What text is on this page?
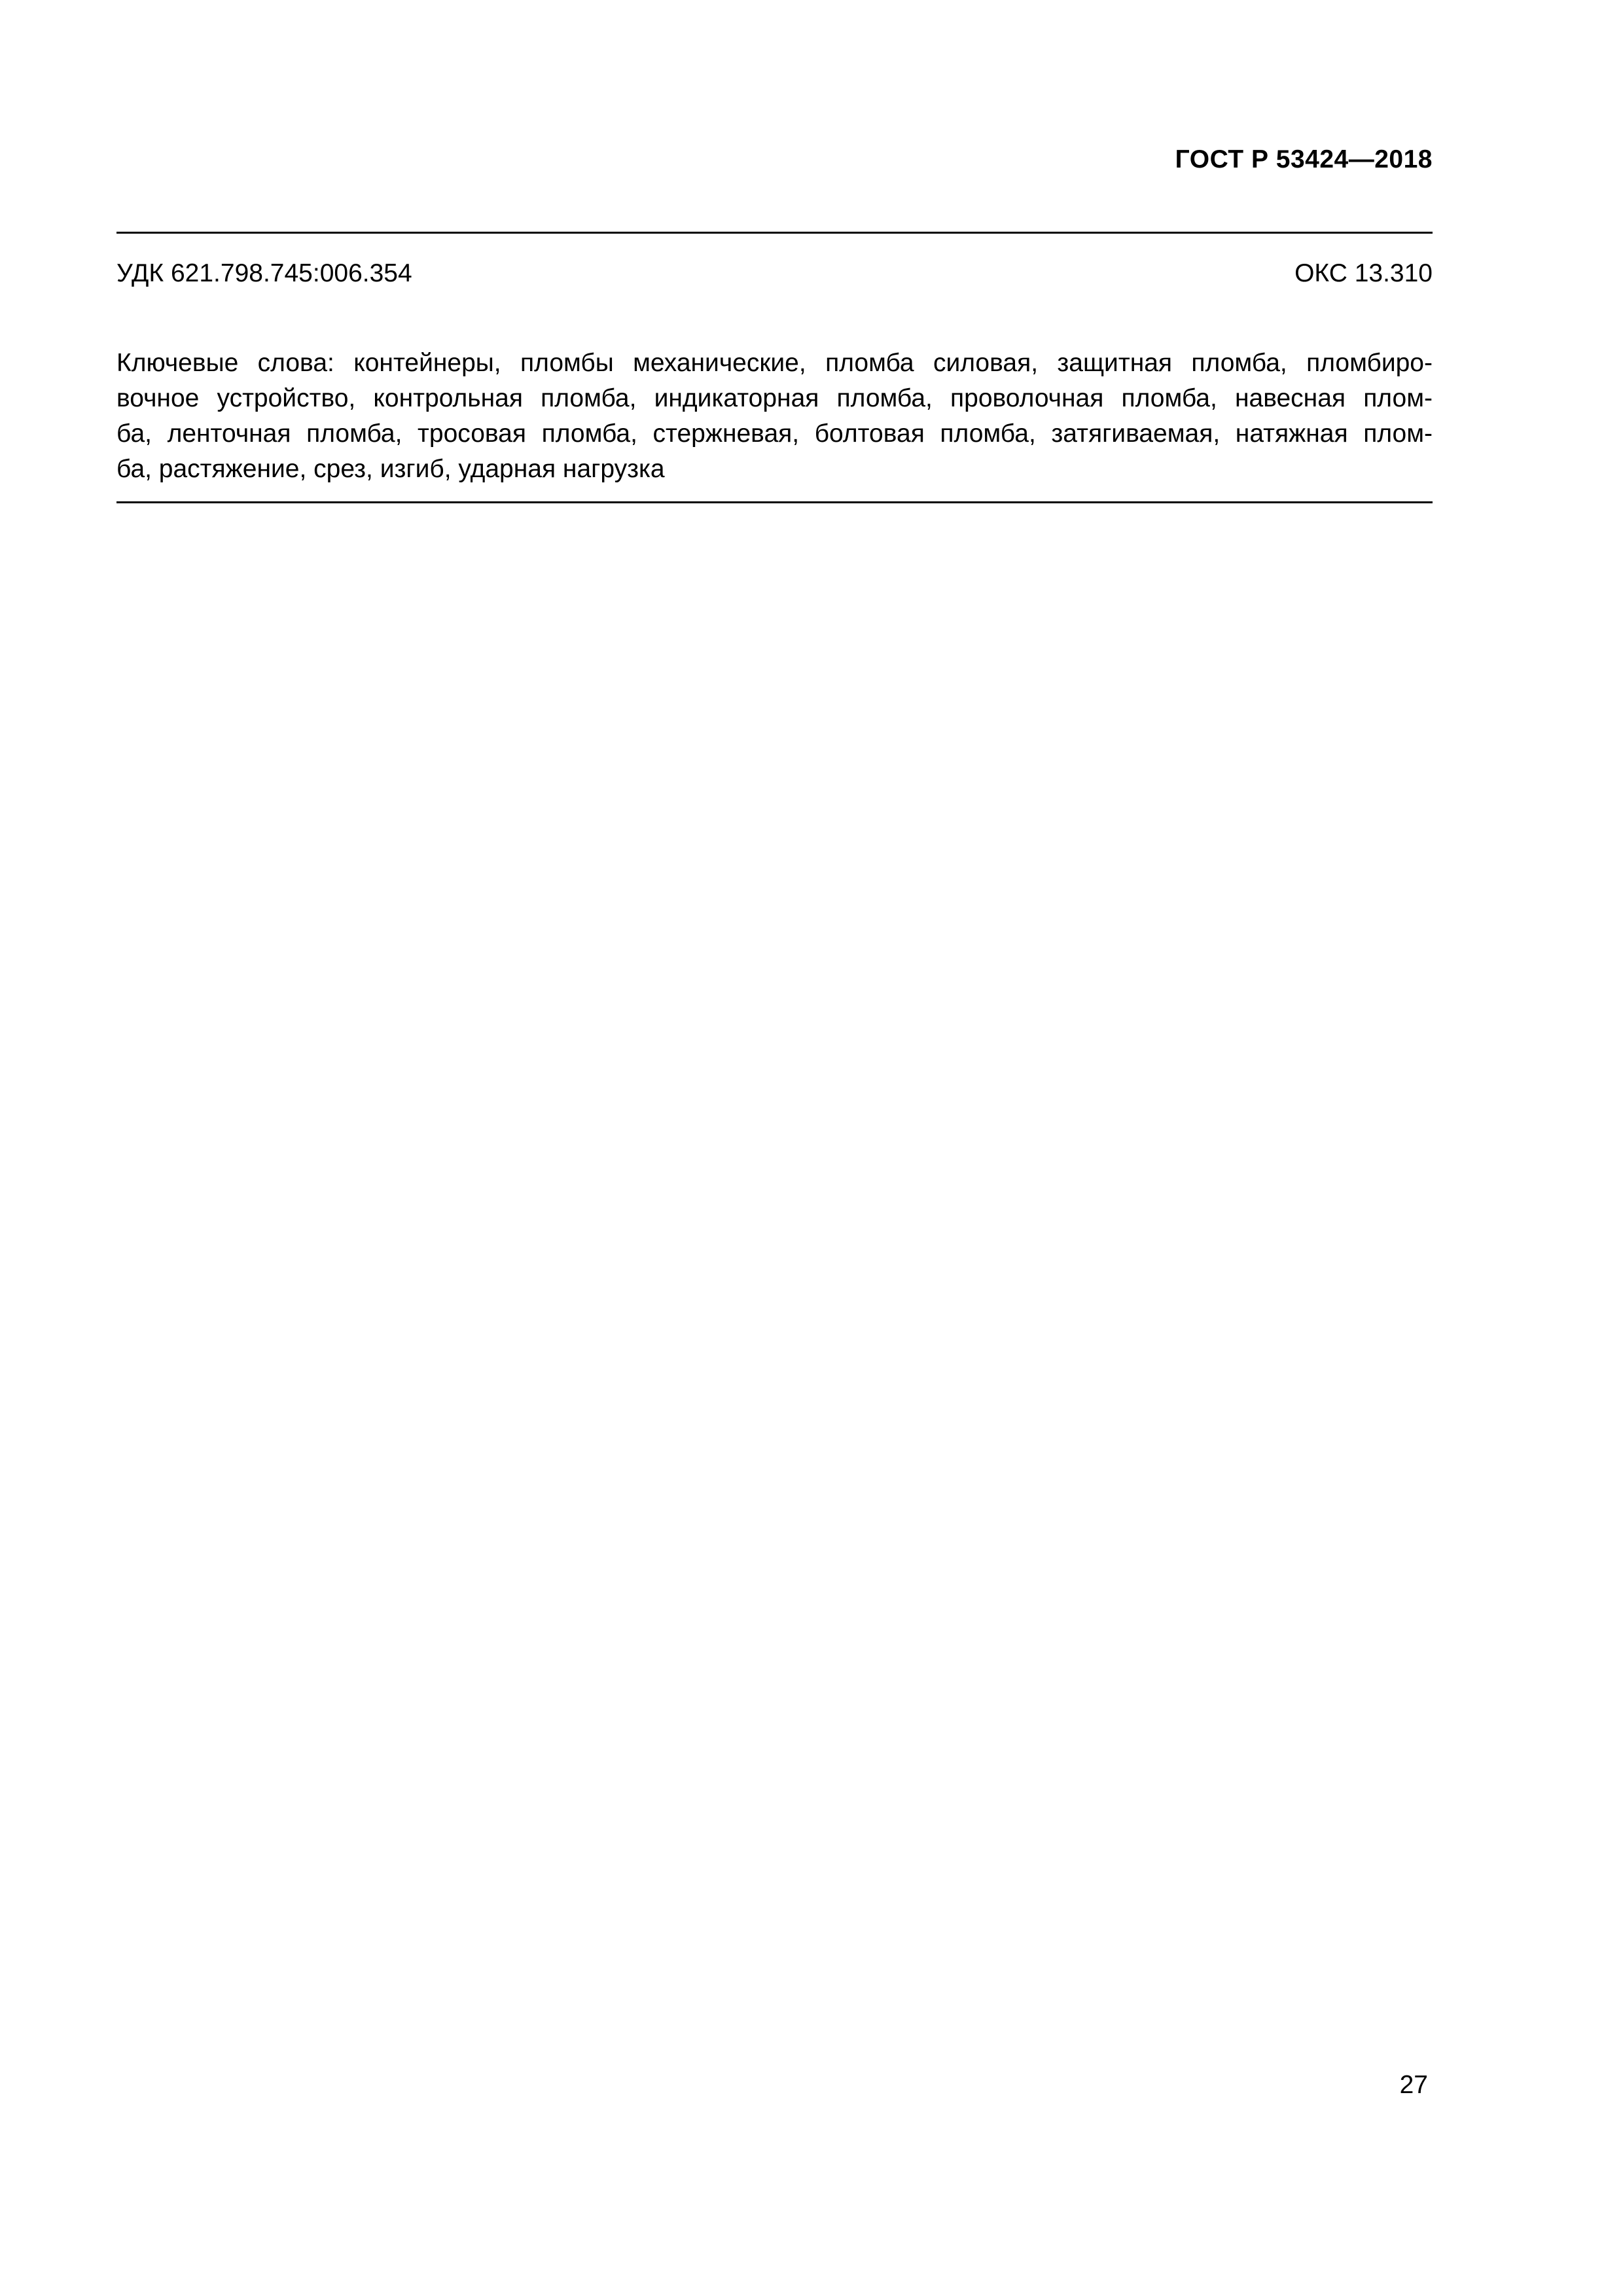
ГОСТ Р 53424—2018
УДК 621.798.745:006.354	ОКС 13.310
Ключевые слова: контейнеры, пломбы механические, пломба силовая, защитная пломба, пломбиро-
вочное устройство, контрольная пломба, индикаторная пломба, проволочная пломба, навесная плом-
ба, ленточная пломба, тросовая пломба, стержневая, болтовая пломба, затягиваемая, натяжная плом-
ба, растяжение, срез, изгиб, ударная нагрузка
27
